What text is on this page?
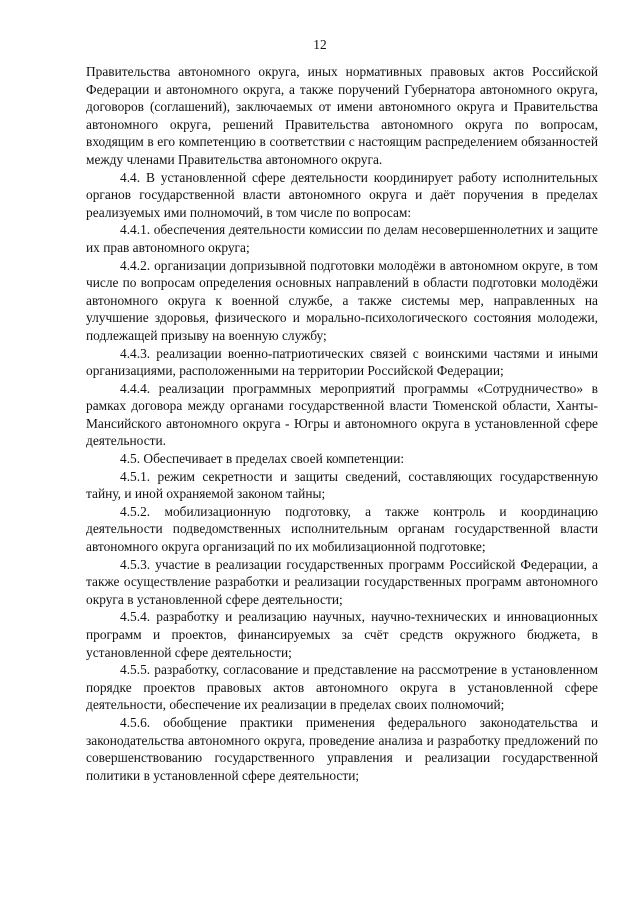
12

Правительства автономного округа, иных нормативных правовых актов Российской Федерации и автономного округа, а также поручений Губернатора автономного округа, договоров (соглашений), заключаемых от имени автономного округа и Правительства автономного округа, решений Правительства автономного округа по вопросам, входящим в его компетенцию в соответствии с настоящим распределением обязанностей между членами Правительства автономного округа.

4.4. В установленной сфере деятельности координирует работу исполнительных органов государственной власти автономного округа и даёт поручения в пределах реализуемых ими полномочий, в том числе по вопросам:

4.4.1. обеспечения деятельности комиссии по делам несовершеннолетних и защите их прав автономного округа;

4.4.2. организации допризывной подготовки молодёжи в автономном округе, в том числе по вопросам определения основных направлений в области подготовки молодёжи автономного округа к военной службе, а также системы мер, направленных на улучшение здоровья, физического и морально-психологического состояния молодежи, подлежащей призыву на военную службу;

4.4.3. реализации военно-патриотических связей с воинскими частями и иными организациями, расположенными на территории Российской Федерации;

4.4.4. реализации программных мероприятий программы «Сотрудничество» в рамках договора между органами государственной власти Тюменской области, Ханты-Мансийского автономного округа - Югры и автономного округа в установленной сфере деятельности.

4.5. Обеспечивает в пределах своей компетенции:

4.5.1. режим секретности и защиты сведений, составляющих государственную тайну, и иной охраняемой законом тайны;

4.5.2. мобилизационную подготовку, а также контроль и координацию деятельности подведомственных исполнительным органам государственной власти автономного округа организаций по их мобилизационной подготовке;

4.5.3. участие в реализации государственных программ Российской Федерации, а также осуществление разработки и реализации государственных программ автономного округа в установленной сфере деятельности;

4.5.4. разработку и реализацию научных, научно-технических и инновационных программ и проектов, финансируемых за счёт средств окружного бюджета, в установленной сфере деятельности;

4.5.5. разработку, согласование и представление на рассмотрение в установленном порядке проектов правовых актов автономного округа в установленной сфере деятельности, обеспечение их реализации в пределах своих полномочий;

4.5.6. обобщение практики применения федерального законодательства и законодательства автономного округа, проведение анализа и разработку предложений по совершенствованию государственного управления и реализации государственной политики в установленной сфере деятельности;
